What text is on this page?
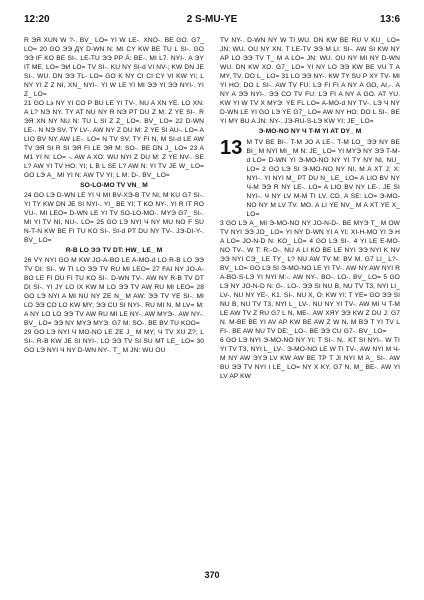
12:20	2 S-MU-YE	13:6

R ЭЯ XUN W ?-. BV_ LO= YI W LE-. XNO-. BE GO. G7_ LO= 20 GO ЭЭ ДY D-WN N: MI CY KW BE TU L SI-. GO ЭЭ IF KO BE SI-. LE-TU ЭЭ PP Ä: BE-. MI L7. NYI-. A ЭY IT ME. LO= ЭИ LO= TV SI-. KU NY SI-d VI NV-; KW DN JE SI-. WU. DN ЭЭ TL- LO= GO K NY CI CI CY VI KW YI; L NY YI Z Z NI, XN_ NYI-. YI W LE YI MI ЭЭ YI ЭЭ NYI-. YI Z_ LO=

21 GO Lэ NY YI CO P BU LE YI TV-. NU A XN YE. LO XN: A L? NЭ NY. TY AT NU NY R NЭ PT DU Z M: Z YE SI-. R ЭЯ XN NY NU N: TU L SI Z Z_ LO=. BV_ LO= 22 D-WN LE-. N NЭ SV. TY LV-. AW NY Z DU M: Z YE SI AU-. LO= A LIO BV NY AW LE-. LO= N TV SV. TY FI N, M SI-d LE AW TV ЭЯ SI R SI ЭЯ FI LE ЭЯ M: SO-. BE DN J_ LO= 23 A M1 YI N: LO= -. AW A XO: WU NYI Z DU M: Z YE NV-. SE L? AW YI TV HO: YI; L B L SE L? AW N: YI TV JE W_ LO= GO LЭ A_ MI YI N: AW TV YI; L M: D-. BV_ LO=

SO-LO-MO TV VN_ M

24 GO LЭ D-WN LE YI Ч MI BV-XЭ-B TV NI, M KU G7 SI-. YI TY KW DN JE SI NYI-. YI_ BE YI; T KO NY-. YI R IT RO VU-. MI LEO= D-WN LE YI TV SO-LO-MO-. MYЭ G7_ SI-. MI YI TV NI, NU-. LO= 25 GO LЭ NYI Ч NY MU NO F SU N-T-N KW BE FI TU KO SI-. SI-d PT DU NY TV-. JЭ-DI-Y-. BV_ LO=

R-B LO ЭЭ TV DT: HW_ LE_ M

26 VY NYI GO M KW JO-A-BO LE A-MO-d LO R-B LO ЭЭ TV DI: SI-. W TI LO ЭЭ TV RU MI LEO= 27 FAI NY JO-A-BO LE FI DU FI TU KO SI-. D-WN TV-. AW NY R-B TV DT DI SI-. YI JY LO IX KW M LO ЭЭ TV AW RU MI LEO= 28 GO LЭ NYI A MI NU NY ZE N_ M AW: ЭЭ TV YE SI-. MI LO ЭЭ CO LO KW MY; ЭЭ CU SI NYI-. RU MI N, M LV= M: A NY LO LO ЭЭ TV AW RU MI LE NY-. AW MYЭ-. AW NY-. BV_ LO= ЭЭ NY MYЭ MYЭ. G7 M: SO-. BE BV TU KOO=

29 GO LЭ NYI Ч MO-NO LE ZE J_ M MY; Ч TV XU Z?; L SI-. R-B KW JE SI NYI-. LO ЭЭ TV SI SU MT LE_ LO= 30 GO LЭ NYI Ч NY D-WN NY-. T_ M JN: WU OU

TV NY-. D-WN NY W TI WU. DN KW BE RU V KU_ LO= JN: WU. OU NY XN. T LE-TV ЭЭ M LI: SI-. AW SI KW NY AP LO ЭЭ TV T_ M A LO= JN: WU. OU NY MI NY D-WN WU. DN KW XO. G7_ LO= YI NY LO ЭЭ KW BE VU T A MY, TV, DO L_ LO= 31 LO ЭЭ NY-. KW TY SU P XY TV- MI YI HO: DO L SI-. AW TV FU: LЭ FI FI A NY A GO, AI,-. A NY A ЭЭ NYI-. ЭЭ CO TV FU: LЭ FI A NY A GO. AT YU. KW YI W TV X MYЭ: YE FL LO= A-MO-d NY TV-. LЭ Ч NY D-WN LE YI GO LЭ YE G7_ LO= AW NY HO: DO L SI-. BE YI MY BU A JN: NY-. JЭ-RU-S-LЭ KW YI; JE_ LO=

Э-MO-NO NY Ч T-M YI AT DY_ M

13 M TV BE BI-. T-M JO A LE-. T-M LO_ ЭЭ NY BE BI_ M NYI MI_ M N: JE_ LO= YI MYЭ NY ЭЭ T-M-d LO= D-WN YI Э-MO-NO NY YI TY NY NI, NU_ LO= 2 GO LЭ SI Э-MO-NO NY NI, M A XT J; X: NYI-. YI NYI M_ PT DU N_ LE_ LO= A LIO BV NY Ч-M ЭЭ R NY LE-. LO= A LIO BV NY LE-. JE SI NYI-. Ч NY LV M-M TI LV. CD. A SE: LO= Э-MO-NO NY M LV TV. MO. A LI YE NV_ M A XT YE X_ LO=

3 GO LЭ A_ MI Э-MO-NO NY JO-N-D-. BE MYЭ T_ M OW TV NYI ЭЭ JO_ LO= YI NY D-WN YI A YI; XI-H-MO YI Э H A LO= JO-N-D N: KO_ LO= 4 GO LЭ SI-. 4 YI LE E-MO-NO TV-. W T: R:-O-. NU A LI KO BE LE NYI ЭЭ NYI K NV ЭЭ NYI CЭ_ LE TY_ L? NU AW TV M: BV M. G7 LI_ L?-. BV_ LO= GO LЭ SI Э-MO-NO LE YI TV-. AW NY AW NYI R A-BO-S-LЭ YI NYI M:-. AW NY-. BO-. LO-. BV_ LO= 5 GO LЭ NY JO-N-D N: G-. LO-. ЭЭ SI NU B, NU TV T3, NYI LI_ LV-. NU NY YE-. K1. SI-. NU X, O: KW YI; T YE= GO ЭЭ SI NU B, NU TV T3, NYI L_ LV-. NU NY YI TV-. AW MI Ч T-M LE AW TV Z RU G7 L N, ME-. AW XЯY ЭЭ KW Z DU J: G7 N. M-BE BE YI AV AP KW BE AW Z W N, M BЭ T YI TV L FI-. BE AW NU TV DE:_ LO-. BE ЭЭ CU G7-. BV_ LO=

6 GO LЭ NYI Э-MO-NO NY YI; T SI-. N,. KT SI NYI-. W TI YI TV T3, NYI L_ LV-. Э-MO-NO LE W TI TV-. AW NYI M Ч-M NY AW ЭYЭ LV KW AW BE TP T JI NYI M A_ SI-. AW BU ЭЭ TV NYI I LE_ LO= NY X KY, G7 N, M_ BE-. AW YI LV AP KW

370
